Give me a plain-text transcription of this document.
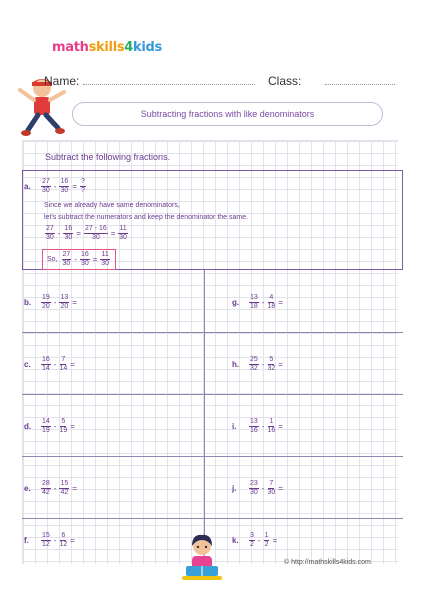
mathskills4kids
Name:	Class:
Subtracting fractions with like denominators
Subtract the following fractions.
a.	$\frac{27}{30} - \frac{16}{30} = \frac{?}{?}$
Since we already have same denominators,
let's subtract the numerators and keep the denominator the same.
$\frac{27}{30} - \frac{16}{30} = \frac{27 - 16}{30} = \frac{11}{30}$
So, $\frac{27}{30} - \frac{16}{30} = \frac{11}{30}$
b.	$\frac{19}{20} - \frac{13}{20}$ =	g.	$\frac{13}{18} - \frac{4}{18}$ =
c.	$\frac{16}{14} - \frac{7}{14}$ =	h.	$\frac{25}{32} - \frac{5}{32}$ =
d.	$\frac{14}{19} - \frac{5}{19}$ =	i.	$\frac{13}{16} - \frac{1}{16}$ =
e.	$\frac{28}{42} - \frac{15}{42}$ =	j.	$\frac{23}{30} - \frac{7}{30}$ =
f.	$\frac{15}{12} - \frac{6}{12}$ =	k.	$\frac{3}{2} - \frac{1}{2}$ =
© http://mathskills4kids.com
